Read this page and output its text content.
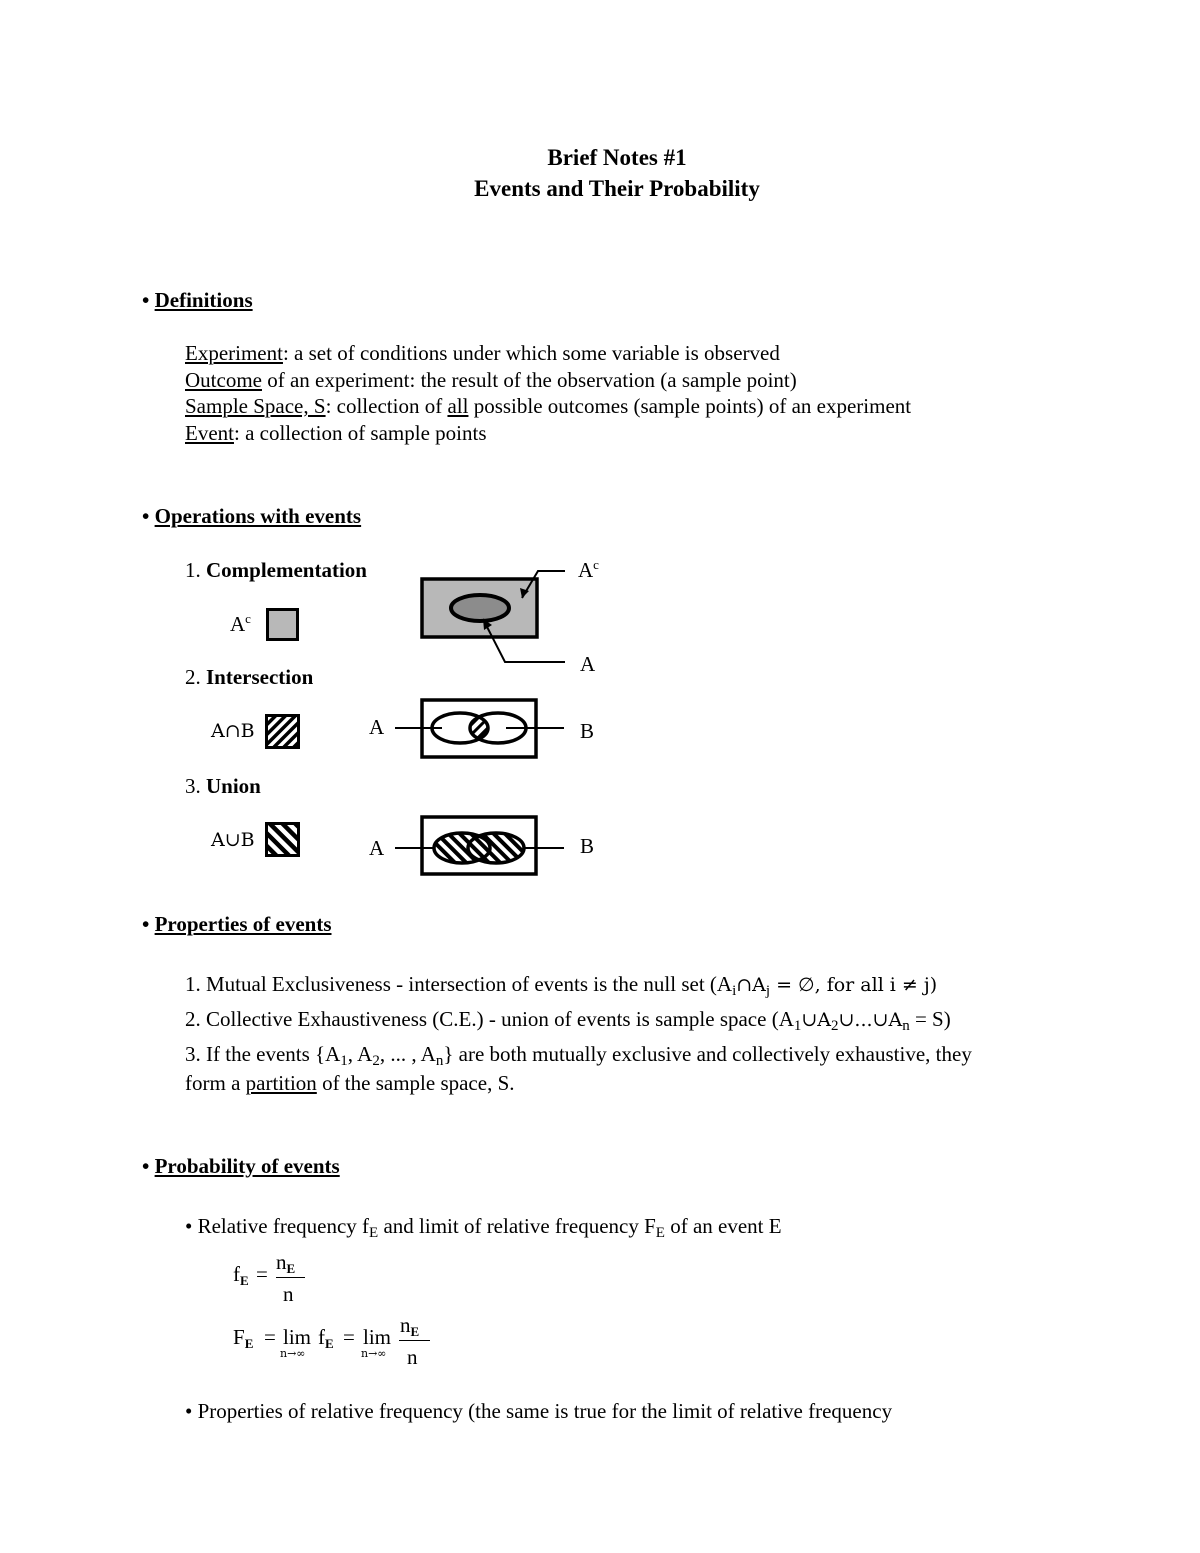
Brief Notes #1
Events and Their Probability
• Definitions
Experiment: a set of conditions under which some variable is observed
Outcome of an experiment: the result of the observation (a sample point)
Sample Space, S: collection of all possible outcomes (sample points) of an experiment
Event: a collection of sample points
• Operations with events
1. Complementation
$A^c$
2. Intersection
A∩B
3. Union
A∪B
$A^c$
A
A	B
A	B
• Properties of events
1. Mutual Exclusiveness - intersection of events is the null set ($A_i\cap A_j$ = ∅, for all i ≠ j)
2. Collective Exhaustiveness (C.E.) - union of events is sample space $(A_1\cup A_2\cup...\cup A_n = S)$
3. If the events {$A_1$, $A_2$, ... , $A_n$} are both mutually exclusive and collectively exhaustive, they
form a partition of the sample space, S.
• Probability of events
• Relative frequency $f_E$ and limit of relative frequency $F_E$ of an event E
$f_E = n_E$
n
$F_E = \lim$
n→∞
$f_E = \lim$
n→∞
$n_E$
n
• Properties of relative frequency (the same is true for the limit of relative frequency
